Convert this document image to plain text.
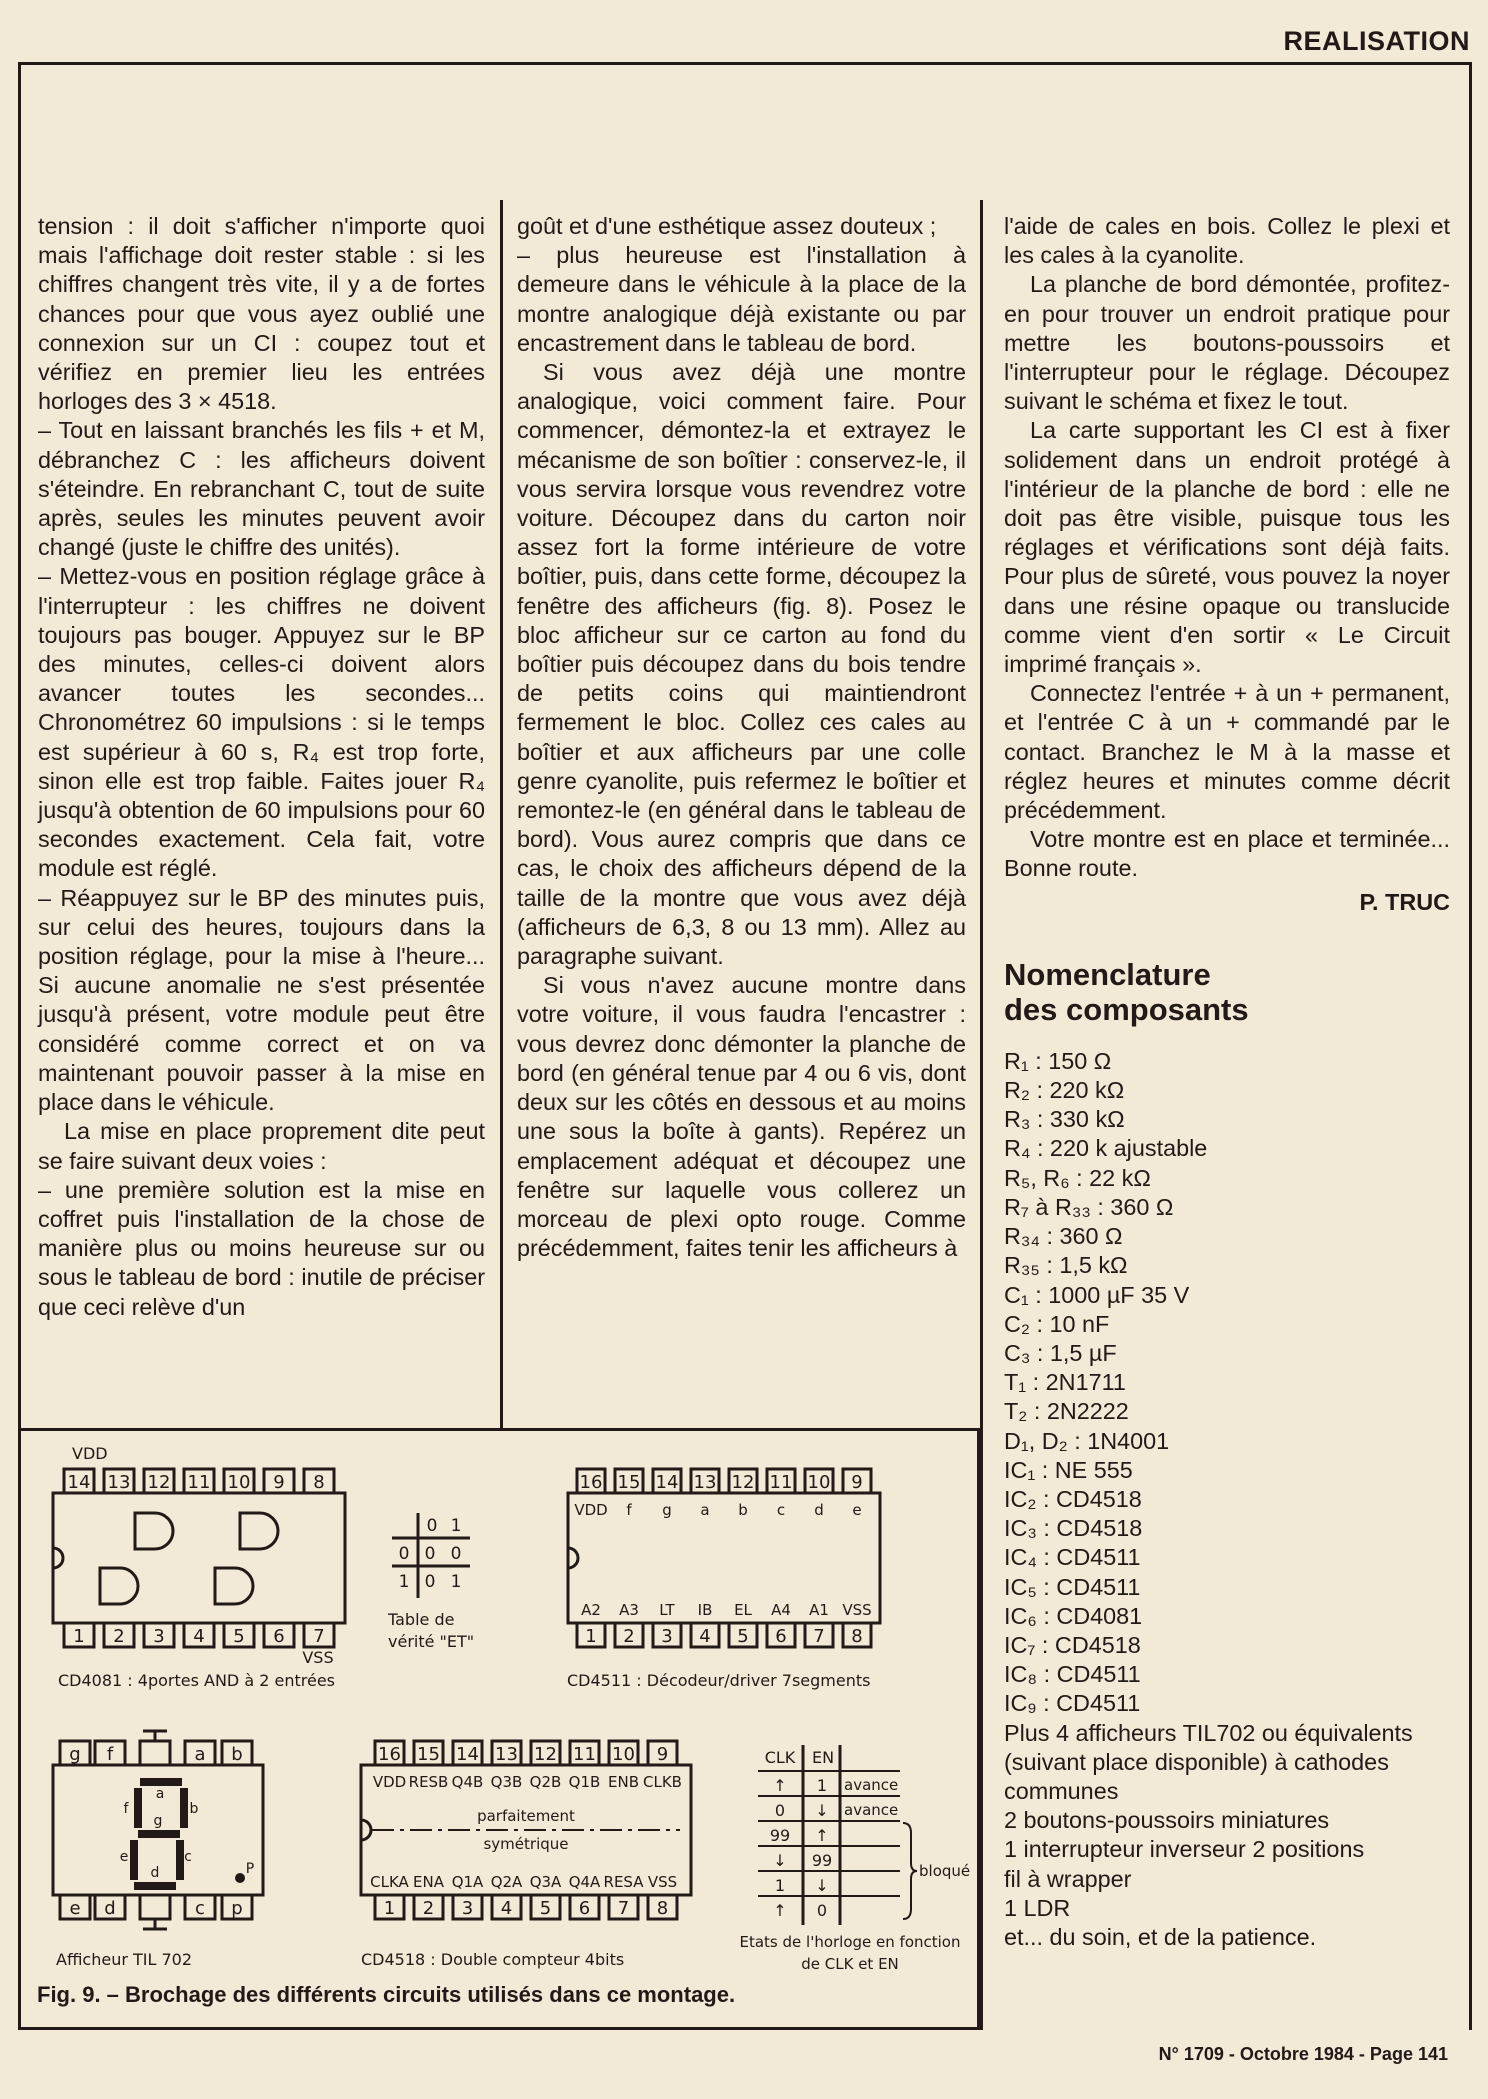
REALISATION

tension : il doit s'afficher n'importe quoi mais l'affichage doit rester stable : si les chiffres changent très vite, il y a de fortes chances pour que vous ayez oublié une connexion sur un CI : coupez tout et vérifiez en premier lieu les entrées horloges des 3 × 4518.

– Tout en laissant branchés les fils + et M, débranchez C : les afficheurs doivent s'éteindre. En rebranchant C, tout de suite après, seules les minutes peuvent avoir changé (juste le chiffre des unités).

– Mettez-vous en position réglage grâce à l'interrupteur : les chiffres ne doivent toujours pas bouger. Appuyez sur le BP des minutes, celles-ci doivent alors avancer toutes les secondes... Chronométrez 60 impulsions : si le temps est supérieur à 60 s, R₄ est trop forte, sinon elle est trop faible. Faites jouer R₄ jusqu'à obtention de 60 impulsions pour 60 secondes exactement. Cela fait, votre module est réglé.

– Réappuyez sur le BP des minutes puis, sur celui des heures, toujours dans la position réglage, pour la mise à l'heure... Si aucune anomalie ne s'est présentée jusqu'à présent, votre module peut être considéré comme correct et on va maintenant pouvoir passer à la mise en place dans le véhicule.

La mise en place proprement dite peut se faire suivant deux voies :

– une première solution est la mise en coffret puis l'installation de la chose de manière plus ou moins heureuse sur ou sous le tableau de bord : inutile de préciser que ceci relève d'un

goût et d'une esthétique assez douteux ;

– plus heureuse est l'installation à demeure dans le véhicule à la place de la montre analogique déjà existante ou par encastrement dans le tableau de bord.

Si vous avez déjà une montre analogique, voici comment faire. Pour commencer, démontez-la et extrayez le mécanisme de son boîtier : conservez-le, il vous servira lorsque vous revendrez votre voiture. Découpez dans du carton noir assez fort la forme intérieure de votre boîtier, puis, dans cette forme, découpez la fenêtre des afficheurs (fig. 8). Posez le bloc afficheur sur ce carton au fond du boîtier puis découpez dans du bois tendre de petits coins qui maintiendront fermement le bloc. Collez ces cales au boîtier et aux afficheurs par une colle genre cyanolite, puis refermez le boîtier et remontez-le (en général dans le tableau de bord). Vous aurez compris que dans ce cas, le choix des afficheurs dépend de la taille de la montre que vous avez déjà (afficheurs de 6,3, 8 ou 13 mm). Allez au paragraphe suivant.

Si vous n'avez aucune montre dans votre voiture, il vous faudra l'encastrer : vous devrez donc démonter la planche de bord (en général tenue par 4 ou 6 vis, dont deux sur les côtés en dessous et au moins une sous la boîte à gants). Repérez un emplacement adéquat et découpez une fenêtre sur laquelle vous collerez un morceau de plexi opto rouge. Comme précédemment, faites tenir les afficheurs à

l'aide de cales en bois. Collez le plexi et les cales à la cyanolite.

La planche de bord démontée, profitez-en pour trouver un endroit pratique pour mettre les boutons-poussoirs et l'interrupteur pour le réglage. Découpez suivant le schéma et fixez le tout.

La carte supportant les CI est à fixer solidement dans un endroit protégé à l'intérieur de la planche de bord : elle ne doit pas être visible, puisque tous les réglages et vérifications sont déjà faits. Pour plus de sûreté, vous pouvez la noyer dans une résine opaque ou translucide comme vient d'en sortir « Le Circuit imprimé français ».

Connectez l'entrée + à un + permanent, et l'entrée C à un + commandé par le contact. Branchez le M à la masse et réglez heures et minutes comme décrit précédemment.

Votre montre est en place et terminée... Bonne route.

P. TRUC

Nomenclature
des composants

R₁ : 150 Ω
R₂ : 220 kΩ
R₃ : 330 kΩ
R₄ : 220 k ajustable
R₅, R₆ : 22 kΩ
R₇ à R₃₃ : 360 Ω
R₃₄ : 360 Ω
R₃₅ : 1,5 kΩ
C₁ : 1000 µF 35 V
C₂ : 10 nF
C₃ : 1,5 µF
T₁ : 2N1711
T₂ : 2N2222
D₁, D₂ : 1N4001
IC₁ : NE 555
IC₂ : CD4518
IC₃ : CD4518
IC₄ : CD4511
IC₅ : CD4511
IC₆ : CD4081
IC₇ : CD4518
IC₈ : CD4511
IC₉ : CD4511
Plus 4 afficheurs TIL702 ou équivalents (suivant place disponible) à cathodes communes
2 boutons-poussoirs miniatures
1 interrupteur inverseur 2 positions
fil à wrapper
1 LDR
et... du soin, et de la patience.
14
1
13
2
12
3
11
4
10
5
9
6
8
7
VDD
VSS
CD4081 : 4portes AND à 2 entrées
0 1
0 0 0
1 0 1
Table de
vérité "ET"
16
1
VDD
A2
15
2
f
A3
14
3
g
LT
13
4
a
IB
12
5
b
EL
11
6
c
A4
10
7
d
A1
9
8
e
VSS
CD4511 : Décodeur/driver 7segments
g
e
f
d
a
c
b
p
a
b
c
d
e
f
g
P
Afficheur TIL 702
16
1
VDD
CLKA
15
2
RESB
ENA
14
3
Q4B
Q1A
13
4
Q3B
Q2A
12
5
Q2B
Q3A
11
6
Q1B
Q4A
10
7
ENB
RESA
9
8
CLKB
VSS
parfaitement
symétrique
CD4518 : Double compteur 4bits
CLK EN
↑ 1 avance
0 ↓ avance
99 ↑
↓ 99
1 ↓
↑ 0
bloqué
Etats de l'horloge en fonction
de CLK et EN
Fig. 9. – Brochage des différents circuits utilisés dans ce montage.
N° 1709 - Octobre 1984 - Page 141
